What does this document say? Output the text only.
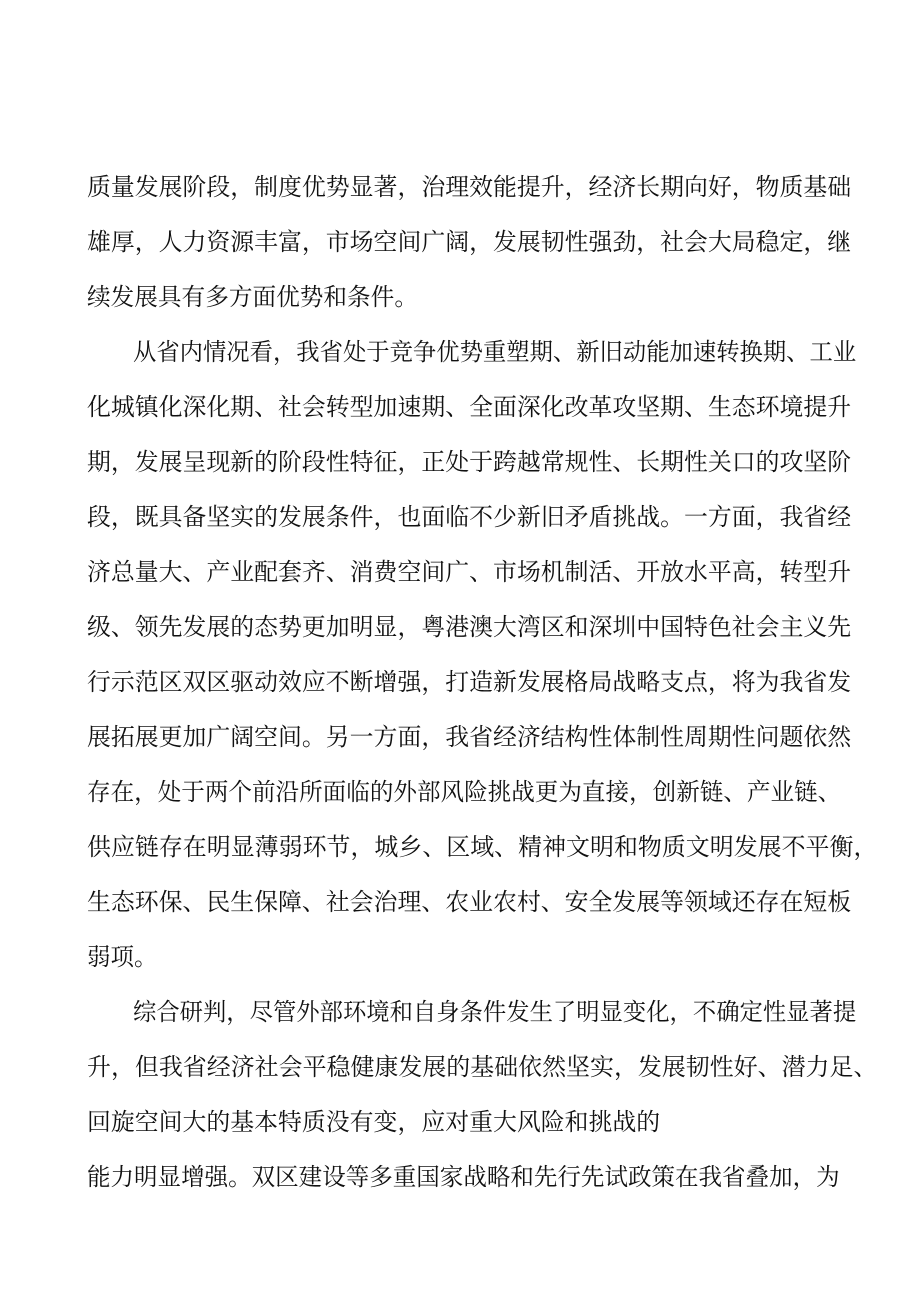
质量发展阶段，制度优势显著，治理效能提升，经济长期向好，物质基础
雄厚，人力资源丰富，市场空间广阔，发展韧性强劲，社会大局稳定，继
续发展具有多方面优势和条件。
从省内情况看，我省处于竞争优势重塑期、新旧动能加速转换期、工业
化城镇化深化期、社会转型加速期、全面深化改革攻坚期、生态环境提升
期，发展呈现新的阶段性特征，正处于跨越常规性、长期性关口的攻坚阶
段，既具备坚实的发展条件，也面临不少新旧矛盾挑战。一方面，我省经
济总量大、产业配套齐、消费空间广、市场机制活、开放水平高，转型升
级、领先发展的态势更加明显，粤港澳大湾区和深圳中国特色社会主义先
行示范区双区驱动效应不断增强，打造新发展格局战略支点，将为我省发
展拓展更加广阔空间。另一方面，我省经济结构性体制性周期性问题依然
存在，处于两个前沿所面临的外部风险挑战更为直接，创新链、产业链、
供应链存在明显薄弱环节，城乡、区域、精神文明和物质文明发展不平衡，
生态环保、民生保障、社会治理、农业农村、安全发展等领域还存在短板
弱项。
综合研判，尽管外部环境和自身条件发生了明显变化，不确定性显著提
升，但我省经济社会平稳健康发展的基础依然坚实，发展韧性好、潜力足、
回旋空间大的基本特质没有变，应对重大风险和挑战的
能力明显增强。双区建设等多重国家战略和先行先试政策在我省叠加，为
